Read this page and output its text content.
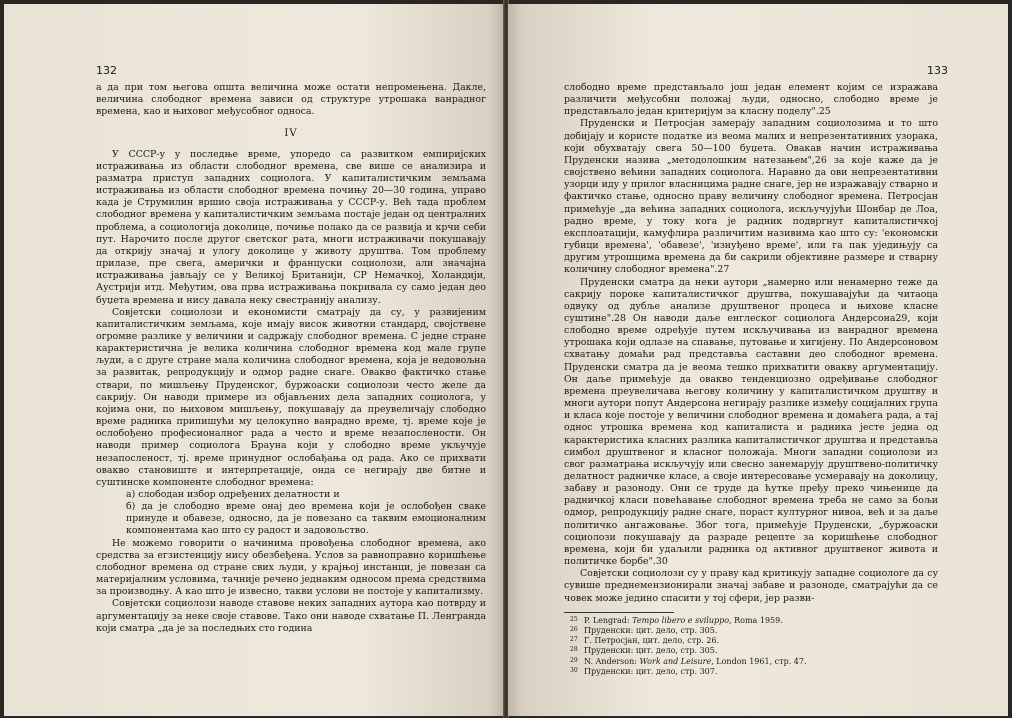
132

а да при том његова општа величина може остати непромењена. Дакле, величина слободног времена зависи од структуре утрошака ванрадног времена, као и њиховог међусобног односа.

IV

У СССР-у у последње време, упоредо са развитком емпиријских истраживања из области слободног времена, све више се анализира и разматра приступ западних социолога. У капиталистичким земљама истраживања из области слободног времена почињу 20—30 година, управо када је Струмилин вршио своја истраживања у СССР-у. Већ тада проблем слободног времена у капиталистичким земљама постаје један од централних проблема, а социологија доколице, почиње полако да се развија и крчи себи пут. Нарочито после другог светског рата, многи истраживачи покушавају да открију значај и улогу доколице у животу друштва. Том проблему прилазе, пре свега, амерички и француски социолози, али значајна истраживања јављају се у Великој Британији, СР Немачкој, Холандији, Аустрији итд. Међутим, ова прва истраживања покривала су само један део буџета времена и нису давала неку свестранију анализу.

Совјетски социолози и економисти сматрају да су, у развијеним капиталистичким земљама, које имају висок животни стандард, својствене огромне разлике у величини и садржају слободног времена. С једне стране карактеристична је велика количина слободног времена код мале групе људи, а с друге стране мала количина слободног времена, која је недовољна за развитак, репродукцију и одмор радне снаге. Овакво фактичко стање ствари, по мишљењу Пруденског, буржоаски социолози често желе да сакрију. Он наводи примере из објављених дела западних социолога, у којима они, по њиховом мишљењу, покушавају да преувеличају слободно време радника припишући му целокупно ванрадно време, тј. време које је ослобођено професионалног рада а често и време незапослености. Он наводи пример социолога Брауна који у слободно време укључује незапосленост, тј. време принудног ослобађања од рада. Ако се прихвати овакво становиште и интерпретације, онда се негирају две битне и суштинске компоненте слободног времена:

а) слободан избор одређених делатности и

б) да је слободно време онај део времена који је ослобођен сваке принуде и обавезе, односно, да је повезано са таквим емоционалним компонентама као што су радост и задовољство.

Не можемо говорити о начинима провођења слободног времена, ако средства за егзистенцију нису обезбеђена. Услов за равноправно коришћење слободног времена од стране свих људи, у крајњој инстанци, је повезан са материјалним условима, тачније речено једнаким односом према средствима за производњу. А као што је извесно, такви услови не постоје у капитализму.

Совјетски социолози наводе ставове неких западних аутора као потврду и аргументацију за неке своје ставове. Тако они наводе схватање П. Ленгранда који сматра „да је за последњих сто година

133

слободно време представљало још један елемент којим се изражава различити међусобни положај људи, односно, слободно време је представљало један критеријум за класну поделу".25

Пруденски и Петросјан замерају западним социолозима и то што добијају и користе податке из веома малих и непрезентативних узорака, који обухватају свега 50—100 буџета. Овакав начин истраживања Пруденски назива „методолошким натезањем",26 за које каже да је својствено већини западних социолога. Наравно да ови непрезентативни узорци иду у прилог власницима радне снаге, јер не изражавају стварно и фактичко стање, односно праву величину слободног времена. Петросјан примећује „да већина западних социолога, искључујући Шонбар де Лоа, радно време, у току кога је радник подвргнут капиталистичкој експлоатацији, камуфлира различитим називима као што су: 'економски губици времена', 'обавезе', 'изнуђено време', или га пак уједињују са другим утрошцима времена да би сакрили објективне размере и стварну количину слободног времена".27

Пруденски сматра да неки аутори „намерно или ненамерно теже да сакрију пороке капиталистичког друштва, покушавајући да читаоца одвуку од дубље анализе друштвеног процеса и њихове класне суштине".28 Он наводи даље енглеског социолога Андерсона29, који слободно време одређује путем искључивања из ванрадног времена утрошака који одлазе на спавање, путовање и хигијену. По Андерсоновом схватању домаћи рад представља саставни део слободног времена. Пруденски сматра да је веома тешко прихватити овакву аргументацију. Он даље примећује да овакво тенденциозно одређивање слободног времена преувеличава његову количину у капиталистичком друштву и многи аутори попут Андерсона негирају разлике између социјалних група и класа које постоје у величини слободног времена и домаћега рада, а тај однос утрошка времена код капиталиста и радника јесте једна од карактеристика класних разлика капиталистичког друштва и представља симбол друштвеног и класног положаја. Многи западни социолози из свог разматрања искључују или свесно занемарују друштвено-политичку делатност радничке класе, а своје интересовање усмеравају на доколицу, забаву и разоноду. Они се труде да ћутке пређу преко чињенице да радничкој класи повећавање слободног времена треба не само за бољи одмор, репродукцију радне снаге, пораст културног нивоа, већ и за даље политичко ангажовање. Због тога, примећује Пруденски, „буржоаски социолози покушавају да разраде рецепте за коришћење слободног времена, који би удаљили радника од активног друштвеног живота и политичке борбе".30

Совјетски социолози су у праву кад критикују западне социологе да су сувише преднемензионирали значај забаве и разоноде, сматрајући да се човек може једино спасити у тој сфери, јер разви-

25 P. Lengrad: Tempo libero e sviluppo, Roma 1959.

26 Пруденски: цит. дело, стр. 305.

27 Г. Петросјан, цит. дело, стр. 26.

28 Пруденски: цит. дело, стр. 305.

29 N. Anderson: Work and Leisure, London 1961, стр. 47.

30 Пруденски: цит. дело, стр. 307.
